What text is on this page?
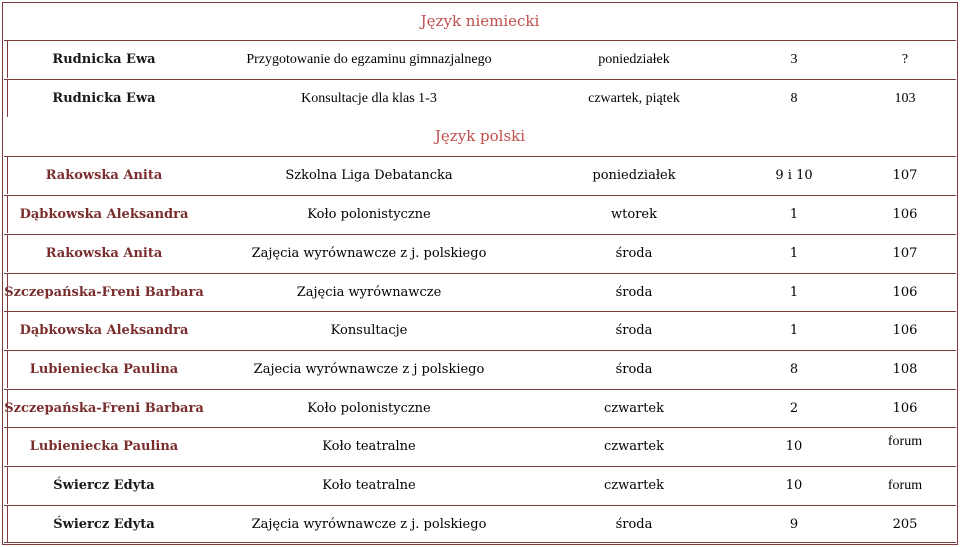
Język niemiecki
Rudnicka Ewa	Przygotowanie do egzaminu gimnazjalnego	poniedziałek	3	?
Rudnicka Ewa	Konsultacje dla klas 1-3	czwartek, piątek	8	103
Język polski
Rakowska Anita	Szkolna Liga Debatancka	poniedziałek	9 i 10	107
Dąbkowska Aleksandra	Koło polonistyczne	wtorek	1	106
Rakowska Anita	Zajęcia wyrównawcze z j. polskiego	środa	1	107
Szczepańska-Freni Barbara	Zajęcia wyrównawcze	środa	1	106
Dąbkowska Aleksandra	Konsultacje	środa	1	106
Lubieniecka Paulina	Zajecia wyrównawcze z j polskiego	środa	8	108
Szczepańska-Freni Barbara	Koło polonistyczne	czwartek	2	106
Lubieniecka Paulina	Koło teatralne	czwartek	10	forum
Świercz Edyta	Koło teatralne	czwartek	10	forum
Świercz Edyta	Zajęcia wyrównawcze z j. polskiego	środa	9	205
